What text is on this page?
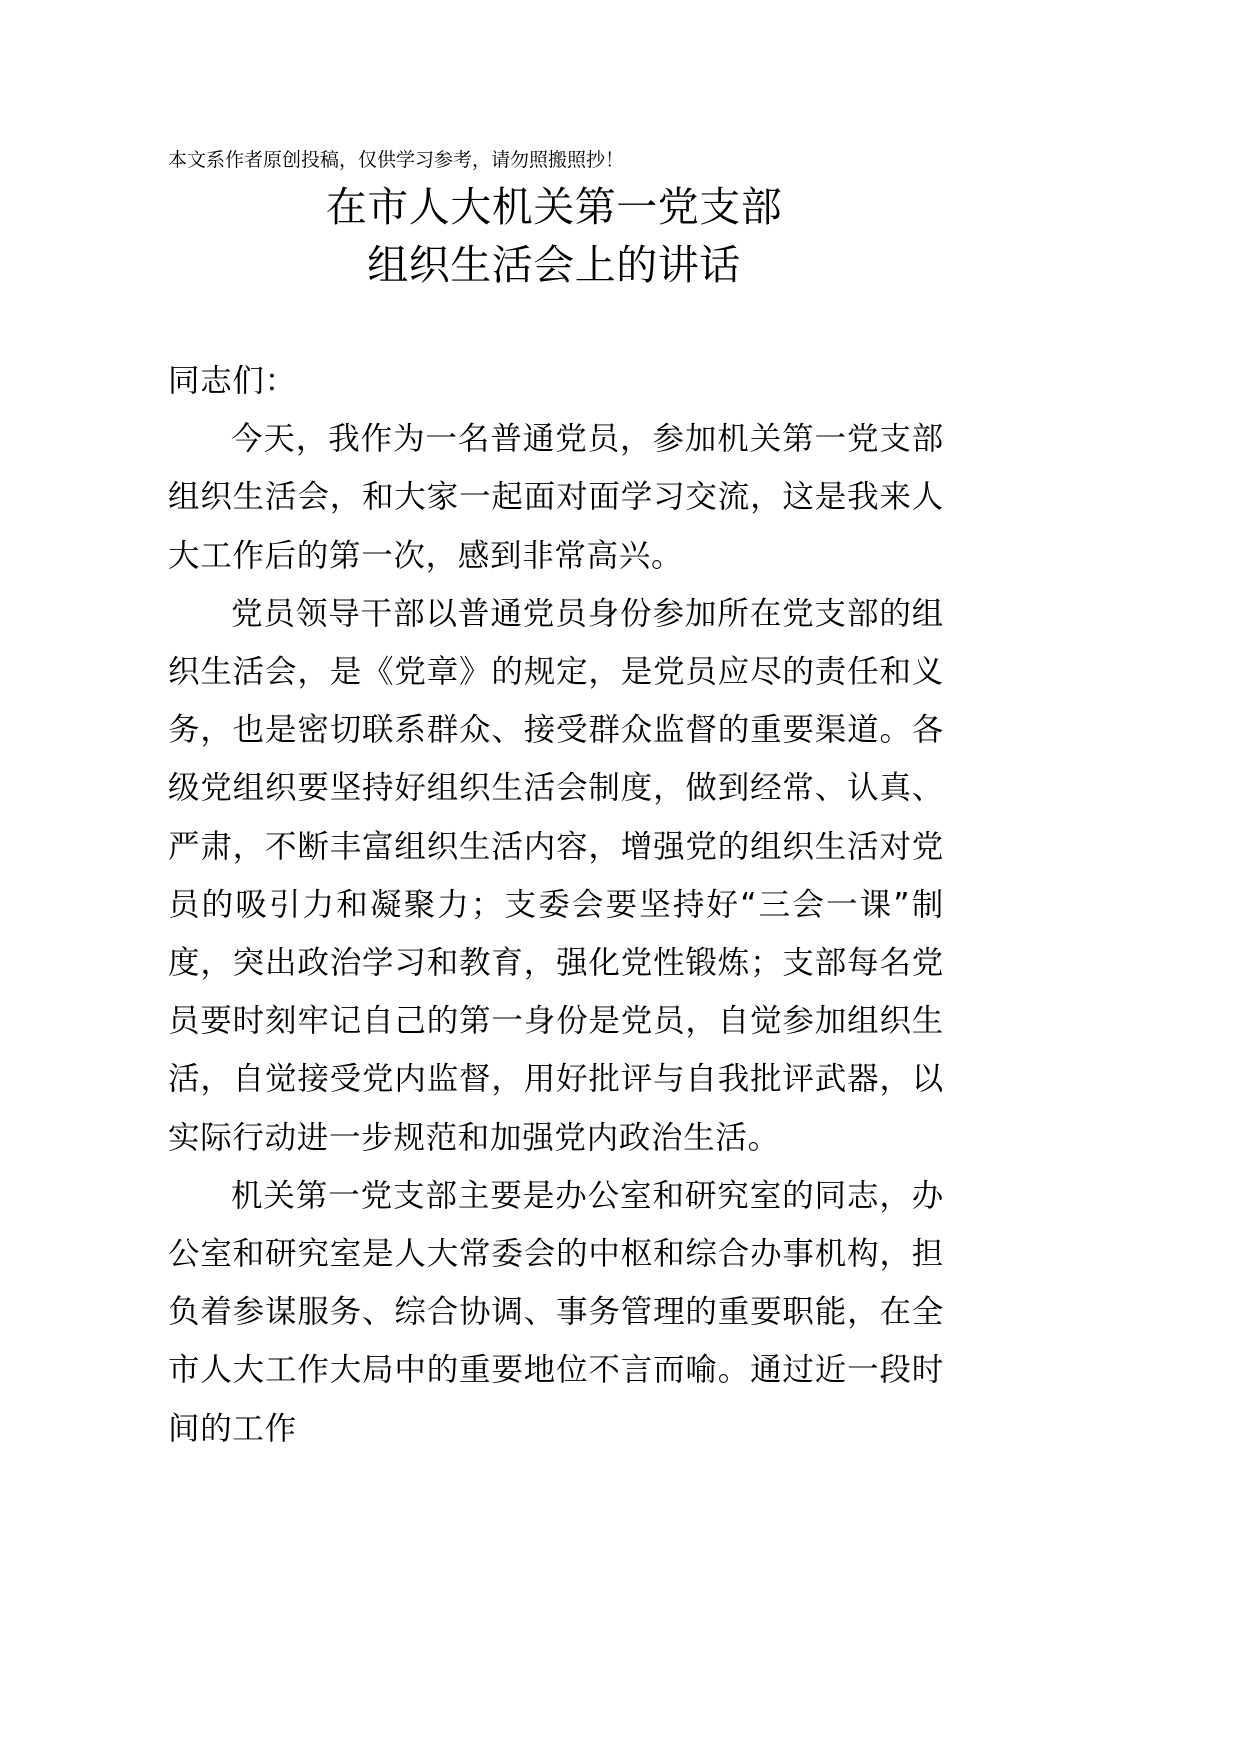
本文系作者原创投稿，仅供学习参考，请勿照搬照抄！
在市人大机关第一党支部
组织生活会上的讲话

同志们：

今天，我作为一名普通党员，参加机关第一党支部组织生活会，和大家一起面对面学习交流，这是我来人大工作后的第一次，感到非常高兴。

党员领导干部以普通党员身份参加所在党支部的组织生活会，是《党章》的规定，是党员应尽的责任和义务，也是密切联系群众、接受群众监督的重要渠道。各级党组织要坚持好组织生活会制度，做到经常、认真、严肃，不断丰富组织生活内容，增强党的组织生活对党员的吸引力和凝聚力；支委会要坚持好“三会一课”制度，突出政治学习和教育，强化党性锻炼；支部每名党员要时刻牢记自己的第一身份是党员，自觉参加组织生活，自觉接受党内监督，用好批评与自我批评武器，以实际行动进一步规范和加强党内政治生活。

机关第一党支部主要是办公室和研究室的同志，办公室和研究室是人大常委会的中枢和综合办事机构，担负着参谋服务、综合协调、事务管理的重要职能，在全市人大工作大局中的重要地位不言而喻。通过近一段时间的工作
